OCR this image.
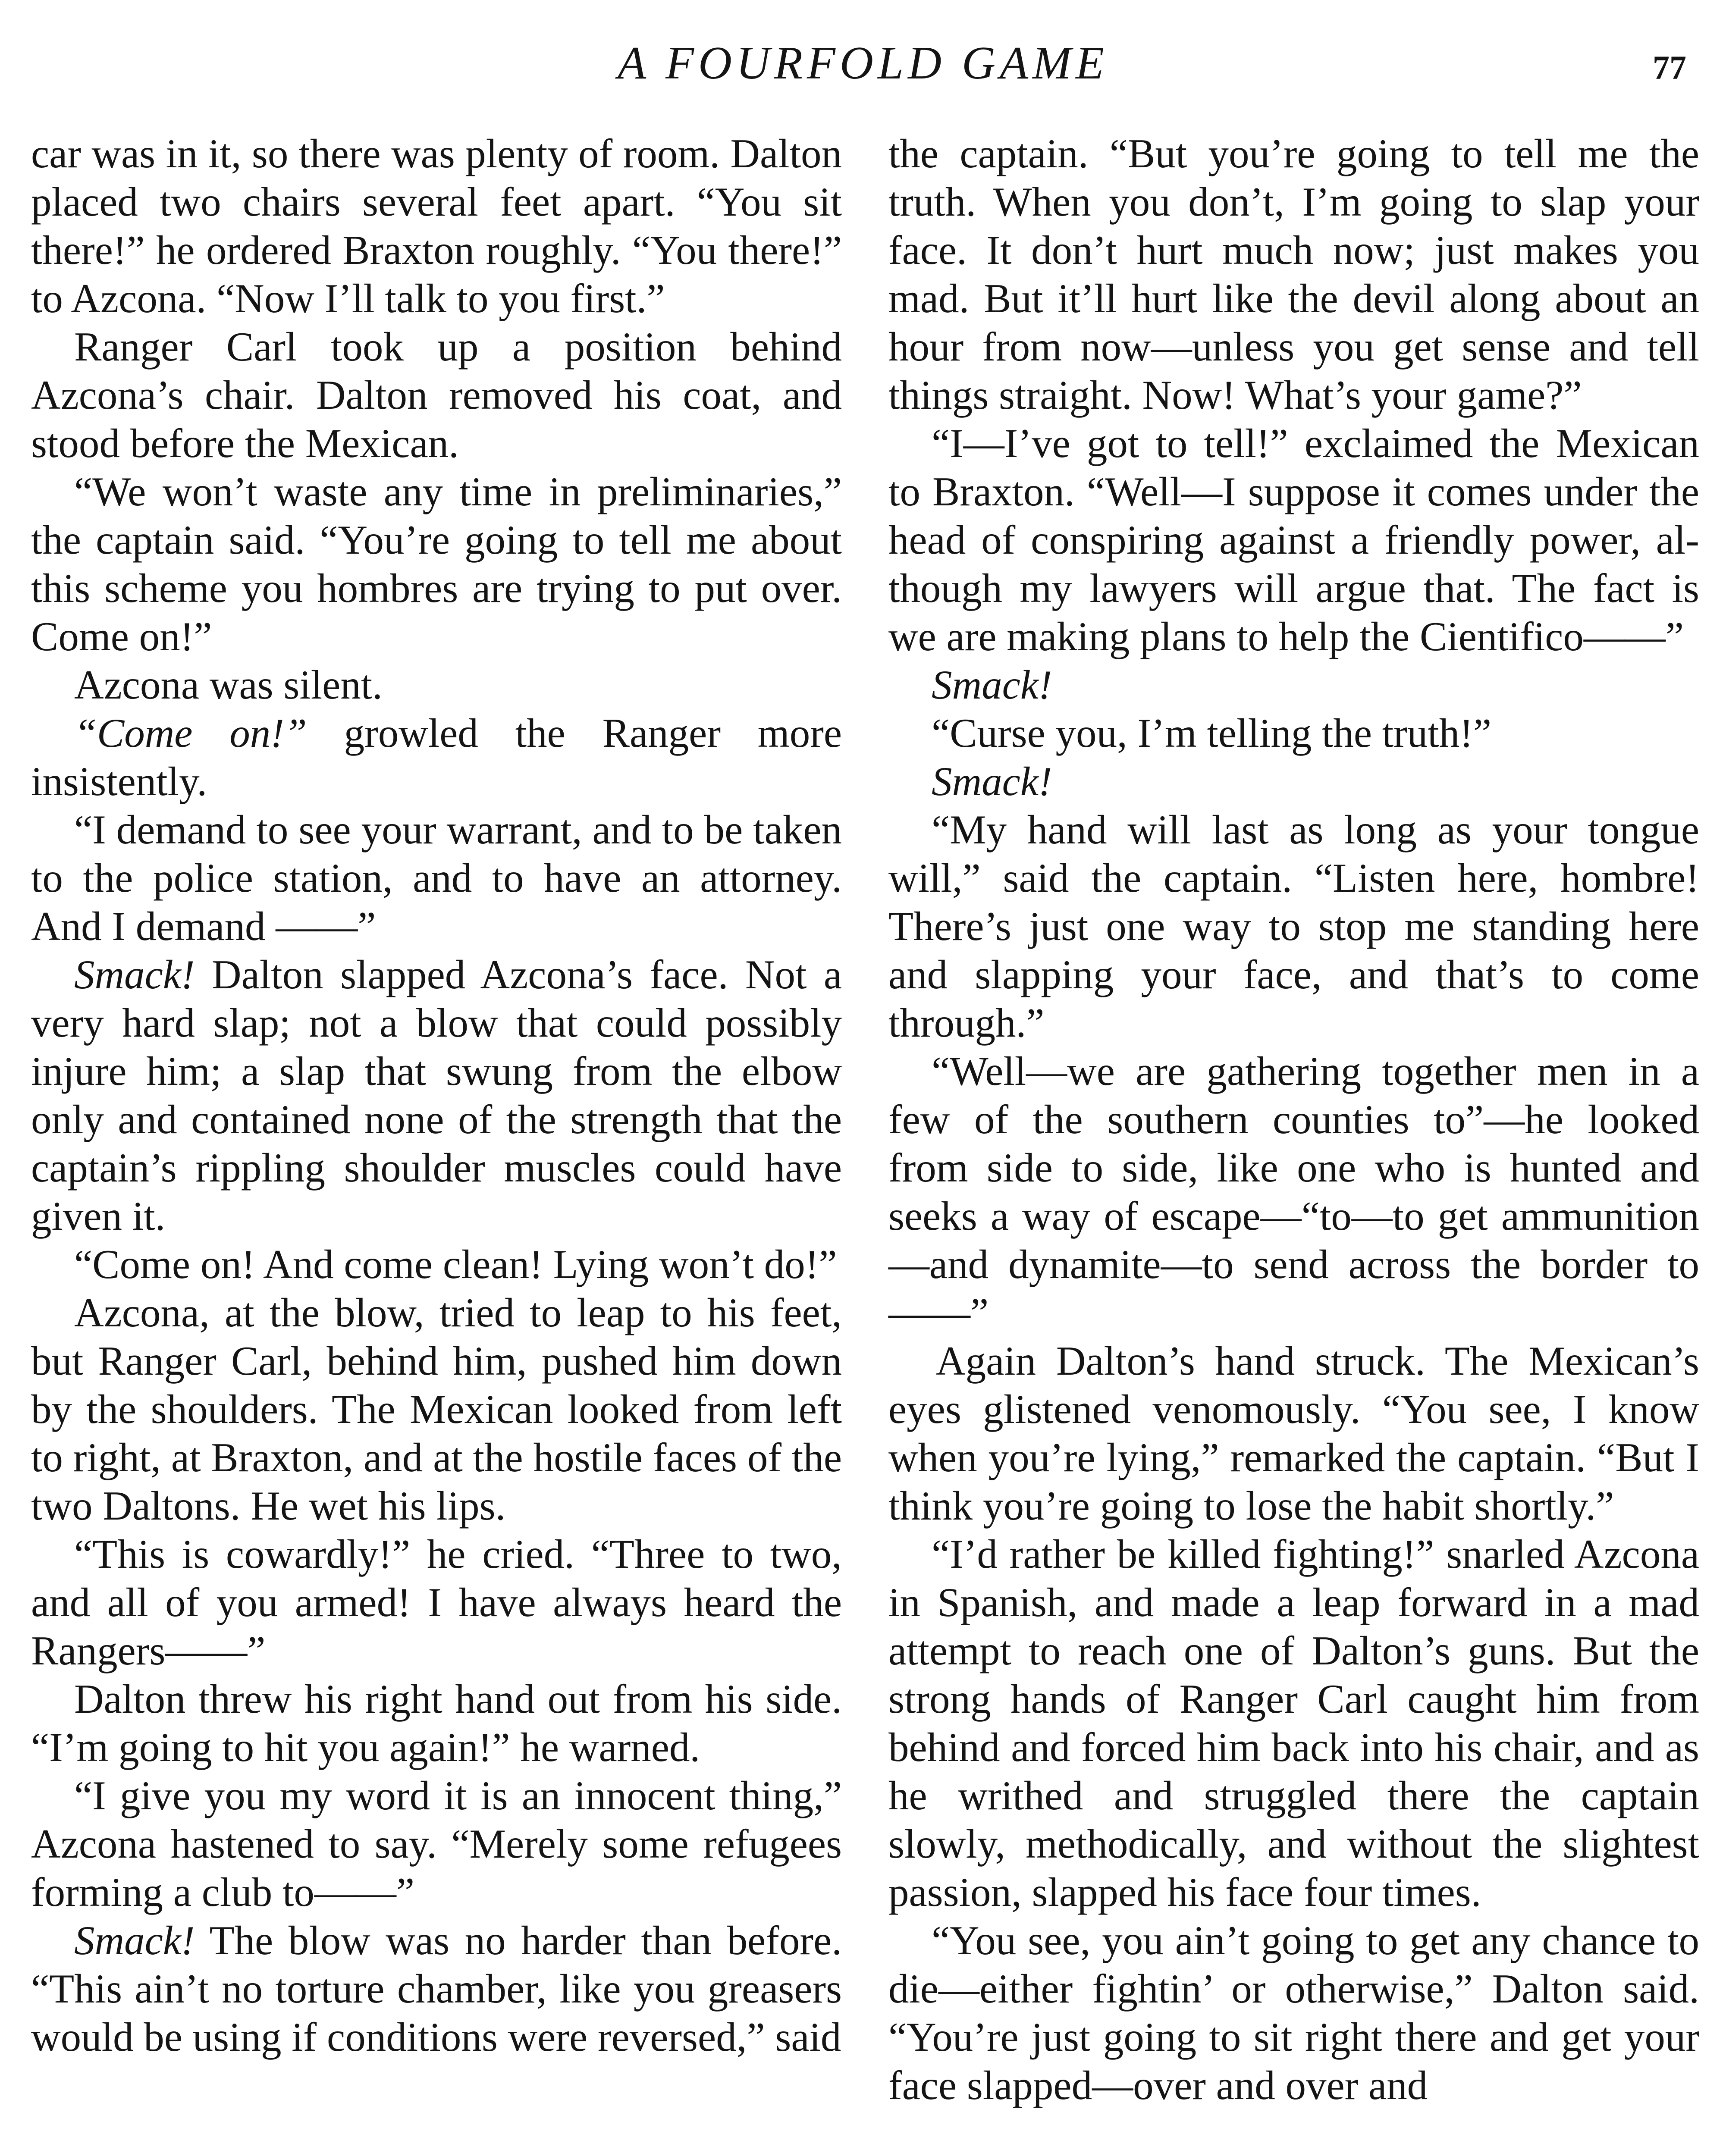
A FOURFOLD GAME	77

car was in it, so there was plenty of room. Dalton placed two chairs several feet apart. “You sit there!” he ordered Braxton roughly. “You there!” to Azcona. “Now I’ll talk to you first.”

Ranger Carl took up a position behind Azcona’s chair. Dalton removed his coat, and stood before the Mexican.

“We won’t waste any time in preliminaries,” the captain said. “You’re going to tell me about this scheme you hombres are trying to put over. Come on!”

Azcona was silent.

“Come on!” growled the Ranger more insistently.

“I demand to see your warrant, and to be taken to the police station, and to have an attorney. And I demand ——”

Smack! Dalton slapped Azcona’s face. Not a very hard slap; not a blow that could possibly injure him; a slap that swung from the elbow only and contained none of the strength that the captain’s rippling shoulder muscles could have given it.

“Come on! And come clean! Lying won’t do!”

Azcona, at the blow, tried to leap to his feet, but Ranger Carl, behind him, pushed him down by the shoulders. The Mexican looked from left to right, at Braxton, and at the hostile faces of the two Daltons. He wet his lips.

“This is cowardly!” he cried. “Three to two, and all of you armed! I have always heard the Rangers——”

Dalton threw his right hand out from his side. “I’m going to hit you again!” he warned.

“I give you my word it is an innocent thing,” Azcona hastened to say. “Merely some refugees forming a club to——”

Smack! The blow was no harder than before. “This ain’t no torture chamber, like you greasers would be using if conditions were reversed,” said

the captain. “But you’re going to tell me the truth. When you don’t, I’m going to slap your face. It don’t hurt much now; just makes you mad. But it’ll hurt like the devil along about an hour from now—unless you get sense and tell things straight. Now! What’s your game?”

“I—I’ve got to tell!” exclaimed the Mexican to Braxton. “Well—I suppose it comes under the head of conspiring against a friendly power, although my lawyers will argue that. The fact is we are making plans to help the Cientifico——”

Smack!

“Curse you, I’m telling the truth!”

Smack!

“My hand will last as long as your tongue will,” said the captain. “Listen here, hombre! There’s just one way to stop me standing here and slapping your face, and that’s to come through.”

“Well—we are gathering together men in a few of the southern counties to”—he looked from side to side, like one who is hunted and seeks a way of escape—“to—to get ammunition—and dynamite—to send across the border to——”

Again Dalton’s hand struck. The Mexican’s eyes glistened venomously. “You see, I know when you’re lying,” remarked the captain. “But I think you’re going to lose the habit shortly.”

“I’d rather be killed fighting!” snarled Azcona in Spanish, and made a leap forward in a mad attempt to reach one of Dalton’s guns. But the strong hands of Ranger Carl caught him from behind and forced him back into his chair, and as he writhed and struggled there the captain slowly, methodically, and without the slightest passion, slapped his face four times.

“You see, you ain’t going to get any chance to die—either fightin’ or otherwise,” Dalton said. “You’re just going to sit right there and get your face slapped—over and over and
